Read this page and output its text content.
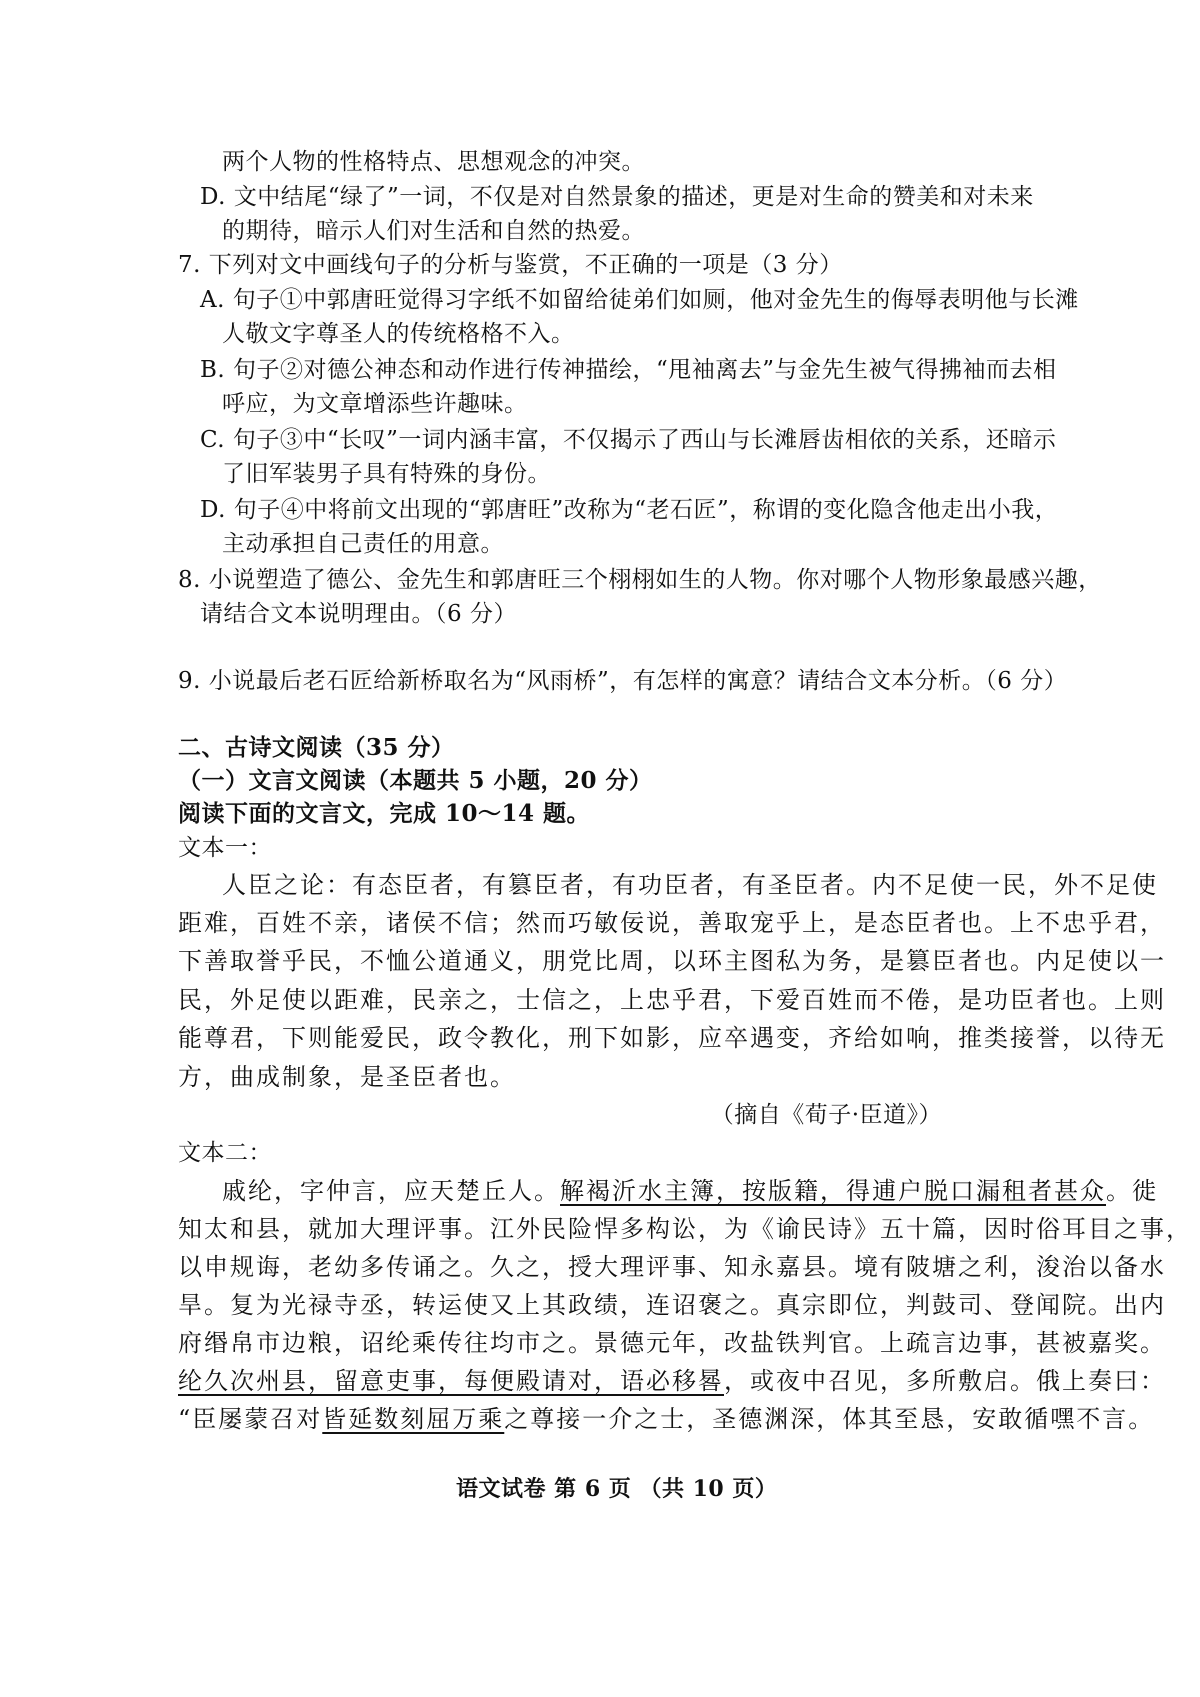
两个人物的性格特点、思想观念的冲突。
D. 文中结尾“绿了”一词，不仅是对自然景象的描述，更是对生命的赞美和对未来
的期待，暗示人们对生活和自然的热爱。
7. 下列对文中画线句子的分析与鉴赏，不正确的一项是（3 分）
A. 句子①中郭唐旺觉得习字纸不如留给徒弟们如厕，他对金先生的侮辱表明他与长滩
人敬文字尊圣人的传统格格不入。
B. 句子②对德公神态和动作进行传神描绘，“甩袖离去”与金先生被气得拂袖而去相
呼应，为文章增添些许趣味。
C. 句子③中“长叹”一词内涵丰富，不仅揭示了西山与长滩唇齿相依的关系，还暗示
了旧军装男子具有特殊的身份。
D. 句子④中将前文出现的“郭唐旺”改称为“老石匠”，称谓的变化隐含他走出小我，
主动承担自己责任的用意。
8. 小说塑造了德公、金先生和郭唐旺三个栩栩如生的人物。你对哪个人物形象最感兴趣，
请结合文本说明理由。（6 分）
9. 小说最后老石匠给新桥取名为“风雨桥”，有怎样的寓意？请结合文本分析。（6 分）
二、古诗文阅读（35 分）
（一）文言文阅读（本题共 5 小题，20 分）
阅读下面的文言文，完成 10～14 题。
文本一：
人臣之论：有态臣者，有篡臣者，有功臣者，有圣臣者。内不足使一民，外不足使
距难，百姓不亲，诸侯不信；然而巧敏佞说，善取宠乎上，是态臣者也。上不忠乎君，
下善取誉乎民，不恤公道通义，朋党比周，以环主图私为务，是篡臣者也。内足使以一
民，外足使以距难，民亲之，士信之，上忠乎君，下爱百姓而不倦，是功臣者也。上则
能尊君，下则能爱民，政令教化，刑下如影，应卒遇变，齐给如响，推类接誉，以待无
方，曲成制象，是圣臣者也。
（摘自《荀子·臣道》）
文本二：
戚纶，字仲言，应天楚丘人。解褐沂水主簿，按版籍，得逋户脱口漏租者甚众。徙
知太和县，就加大理评事。江外民险悍多构讼，为《谕民诗》五十篇，因时俗耳目之事，
以申规诲，老幼多传诵之。久之，授大理评事、知永嘉县。境有陂塘之利，浚治以备水
旱。复为光禄寺丞，转运使又上其政绩，连诏褒之。真宗即位，判鼓司、登闻院。出内
府缗帛市边粮，诏纶乘传往均市之。景德元年，改盐铁判官。上疏言边事，甚被嘉奖。
纶久次州县，留意吏事，每便殿请对，语必移晷，或夜中召见，多所敷启。俄上奏曰：
“臣屡蒙召对皆延数刻屈万乘之尊接一介之士，圣德渊深，体其至恳，安敢循嘿不言。
语文试卷 第 6 页 （共 10 页）
